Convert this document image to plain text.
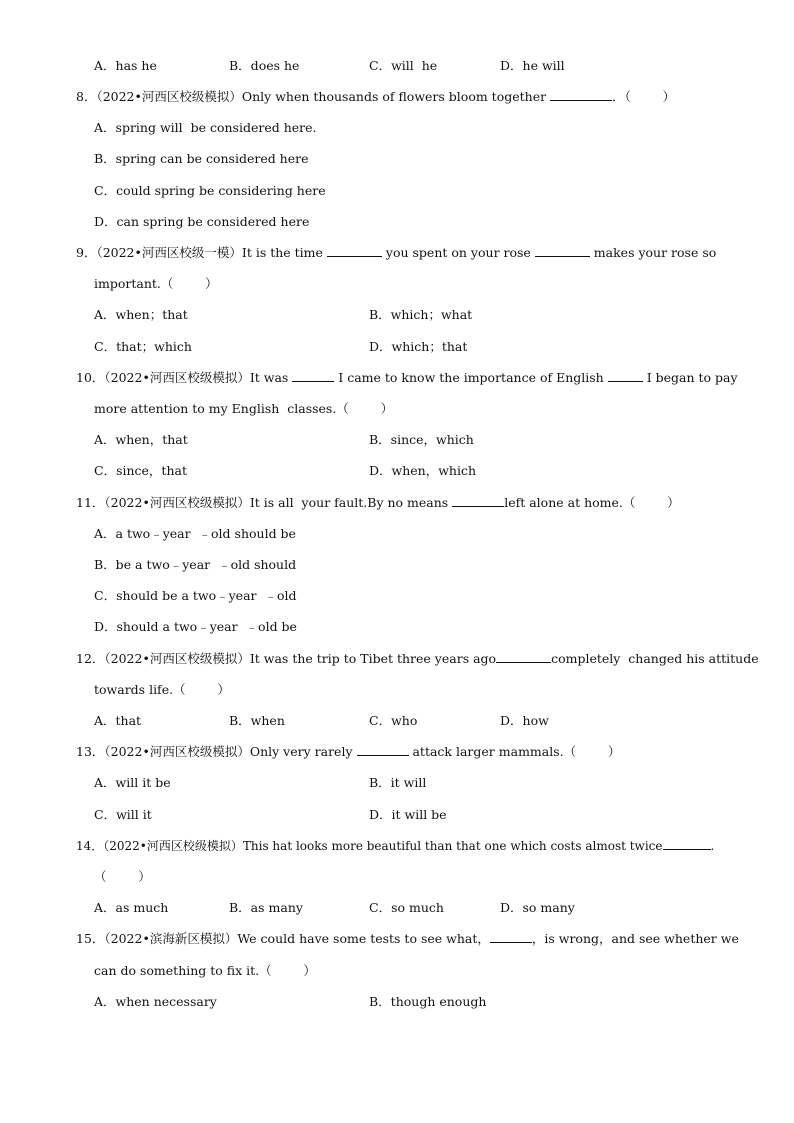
A．has he	B．does he	C．will  he	D．he will
8．（2022•河西区校级模拟）Only when thousands of flowers bloom together	．（        ）
A．spring will  be considered here.
B．spring can be considered here
C．could spring be considering here
D．can spring be considered here
9．（2022•河西区校级一模）It is the time	you spent on your rose	makes your rose so
important.（        ）
A．when；that	B．which；what
C．that；which	D．which；that
10．（2022•河西区校级模拟）It was	I came to know the importance of English	I began to pay
more attention to my English  classes.（        ）
A．when，that	B．since，which
C．since，that	D．when，which
11．（2022•河西区校级模拟）It is all  your fault.By no means	left alone at home.（        ）
A．a two﹣year  ﹣old should be
B．be a two﹣year  ﹣old should
C．should be a two﹣year  ﹣old
D．should a two﹣year  ﹣old be
12．（2022•河西区校级模拟）It was the trip to Tibet three years ago	completely  changed his attitude
towards life.（        ）
A．that	B．when	C．who	D．how
13．（2022•河西区校级模拟）Only very rarely	attack larger mammals.（        ）
A．will it be	B．it will
C．will it	D．it will be
14．（2022•河西区校级模拟）This hat looks more beautiful than that one which costs almost twice	.
（        ）
A．as much	B．as many	C．so much	D．so many
15．（2022•滨海新区模拟）We could have some tests to see what，	，is wrong，and see whether we
can do something to fix it.（        ）
A．when necessary	B．though enough
